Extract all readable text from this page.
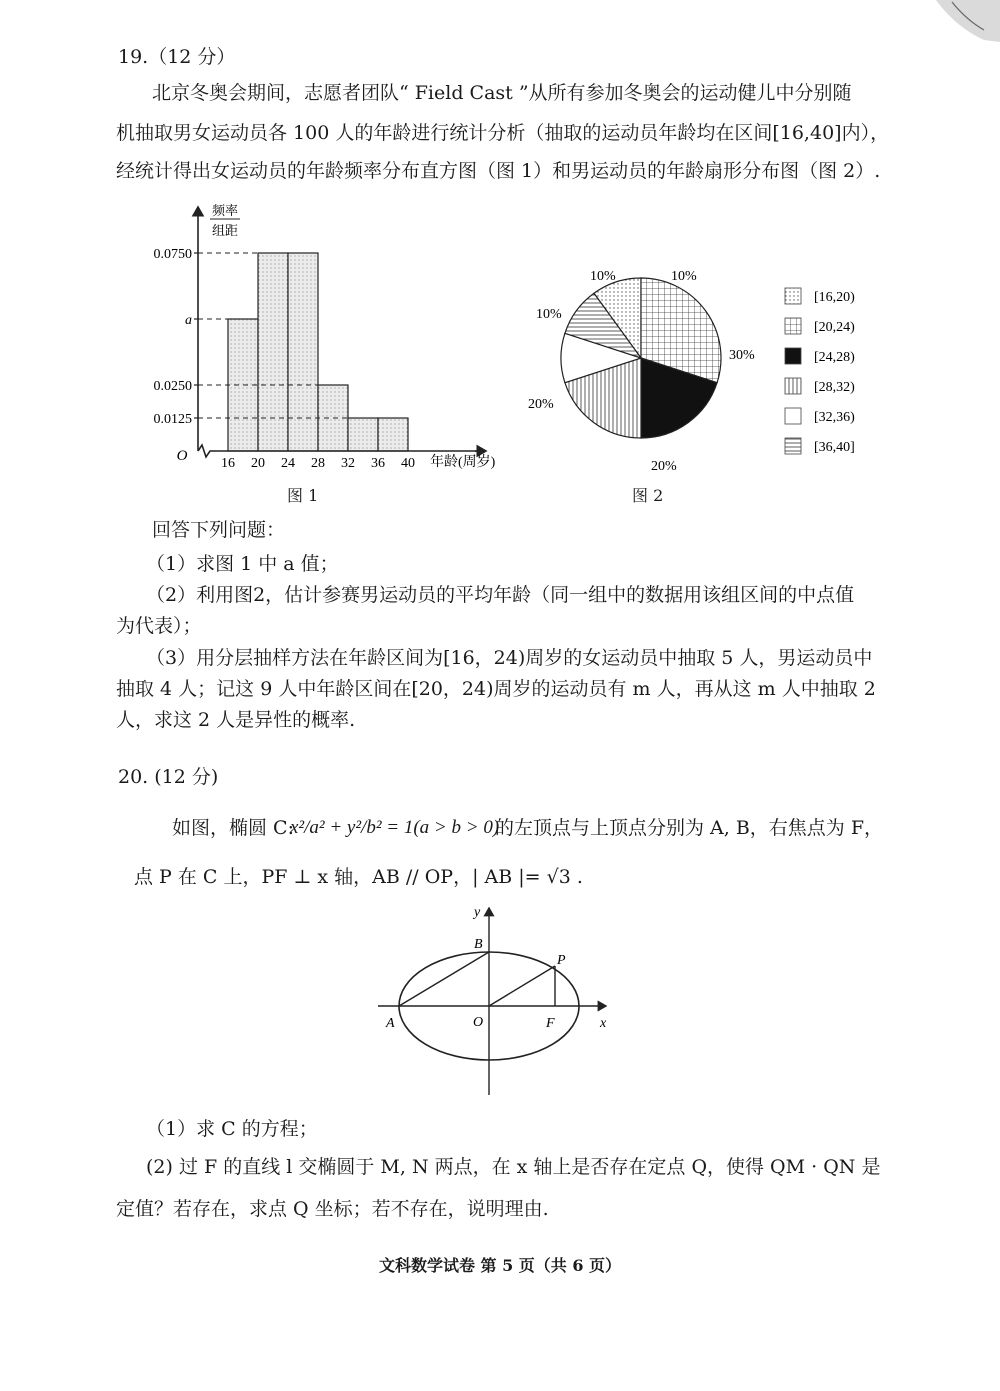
19.（12 分）
北京冬奥会期间，志愿者团队“ Field Cast ”从所有参加冬奥会的运动健儿中分别随
机抽取男女运动员各 100 人的年龄进行统计分析（抽取的运动员年龄均在区间[16,40]内），
经统计得出女运动员的年龄频率分布直方图（图 1）和男运动员的年龄扇形分布图（图 2）.
0.0750
a
0.0250
0.0125
16 20 24 28 32 36 40
频率
组距
O	年龄(周岁)
图 1
10%
30%
20%
20%
10%
10%
[16,20)
[20,24)
[24,28)
[28,32)
[32,36)
[36,40]
图 2
回答下列问题：
（1）求图 1 中 a 值；
（2）利用图2，估计参赛男运动员的平均年龄（同一组中的数据用该组区间的中点值
为代表）；
（3）用分层抽样方法在年龄区间为[16，24)周岁的女运动员中抽取 5 人，男运动员中
抽取 4 人；记这 9 人中年龄区间在[20，24)周岁的运动员有 m 人，再从这 m 人中抽取 2
人，求这 2 人是异性的概率.
20. (12 分)
如图，椭圆 C:
x²/a² + y²/b² = 1(a > b > 0)
的左顶点与上顶点分别为 A, B，右焦点为 F，
点 P 在 C 上，PF ⊥ x 轴，AB // OP，| AB |= √3 .
y
x
A
B
O	F
P
（1）求 C 的方程；
(2) 过 F 的直线 l 交椭圆于 M, N 两点，在 x 轴上是否存在定点 Q，使得 QM · QN 是
定值？若存在，求点 Q 坐标；若不存在，说明理由.
文科数学试卷 第 5 页（共 6 页）
